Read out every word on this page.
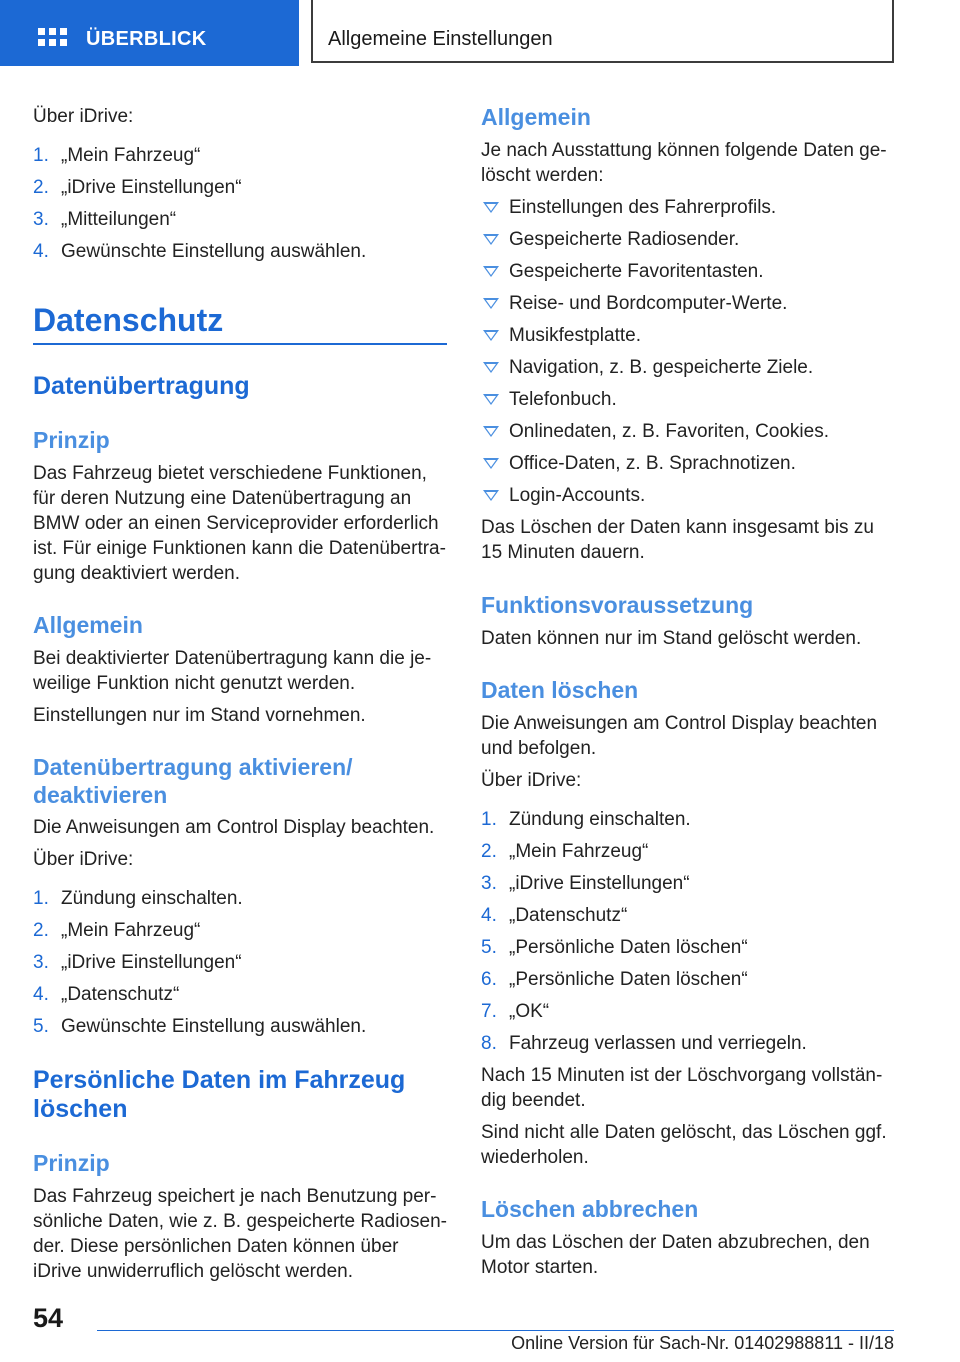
ÜBERBLICK	Allgemeine Einstellungen

Über iDrive:

1. „Mein Fahrzeug“
2. „iDrive Einstellungen“
3. „Mitteilungen“
4. Gewünschte Einstellung auswählen.
Datenschutz
Datenübertragung
Prinzip

Das Fahrzeug bietet verschiedene Funktionen,

für deren Nutzung eine Datenübertragung an

BMW oder an einen Serviceprovider erforderlich

ist. Für einige Funktionen kann die Datenübertra-

gung deaktiviert werden.

Allgemein

Bei deaktivierter Datenübertragung kann die je-

weilige Funktion nicht genutzt werden.

Einstellungen nur im Stand vornehmen.

Datenübertragung aktivieren/
deaktivieren

Die Anweisungen am Control Display beachten.

Über iDrive:

1. Zündung einschalten.
2. „Mein Fahrzeug“
3. „iDrive Einstellungen“
4. „Datenschutz“
5. Gewünschte Einstellung auswählen.
Persönliche Daten im Fahrzeug
löschen
Prinzip

Das Fahrzeug speichert je nach Benutzung per-

sönliche Daten, wie z. B. gespeicherte Radiosen-

der. Diese persönlichen Daten können über

iDrive unwiderruflich gelöscht werden.

Allgemein

Je nach Ausstattung können folgende Daten ge-

löscht werden:

Einstellungen des Fahrerprofils.
Gespeicherte Radiosender.
Gespeicherte Favoritentasten.
Reise- und Bordcomputer-Werte.
Musikfestplatte.
Navigation, z. B. gespeicherte Ziele.
Telefonbuch.
Onlinedaten, z. B. Favoriten, Cookies.
Office-Daten, z. B. Sprachnotizen.
Login-Accounts.

Das Löschen der Daten kann insgesamt bis zu

15 Minuten dauern.

Funktionsvoraussetzung

Daten können nur im Stand gelöscht werden.

Daten löschen

Die Anweisungen am Control Display beachten

und befolgen.

Über iDrive:

1. Zündung einschalten.
2. „Mein Fahrzeug“
3. „iDrive Einstellungen“
4. „Datenschutz“
5. „Persönliche Daten löschen“
6. „Persönliche Daten löschen“
7. „OK“
8. Fahrzeug verlassen und verriegeln.

Nach 15 Minuten ist der Löschvorgang vollstän-

dig beendet.

Sind nicht alle Daten gelöscht, das Löschen ggf.

wiederholen.

Löschen abbrechen

Um das Löschen der Daten abzubrechen, den

Motor starten.

54
Online Version für Sach-Nr. 01402988811 - II/18
